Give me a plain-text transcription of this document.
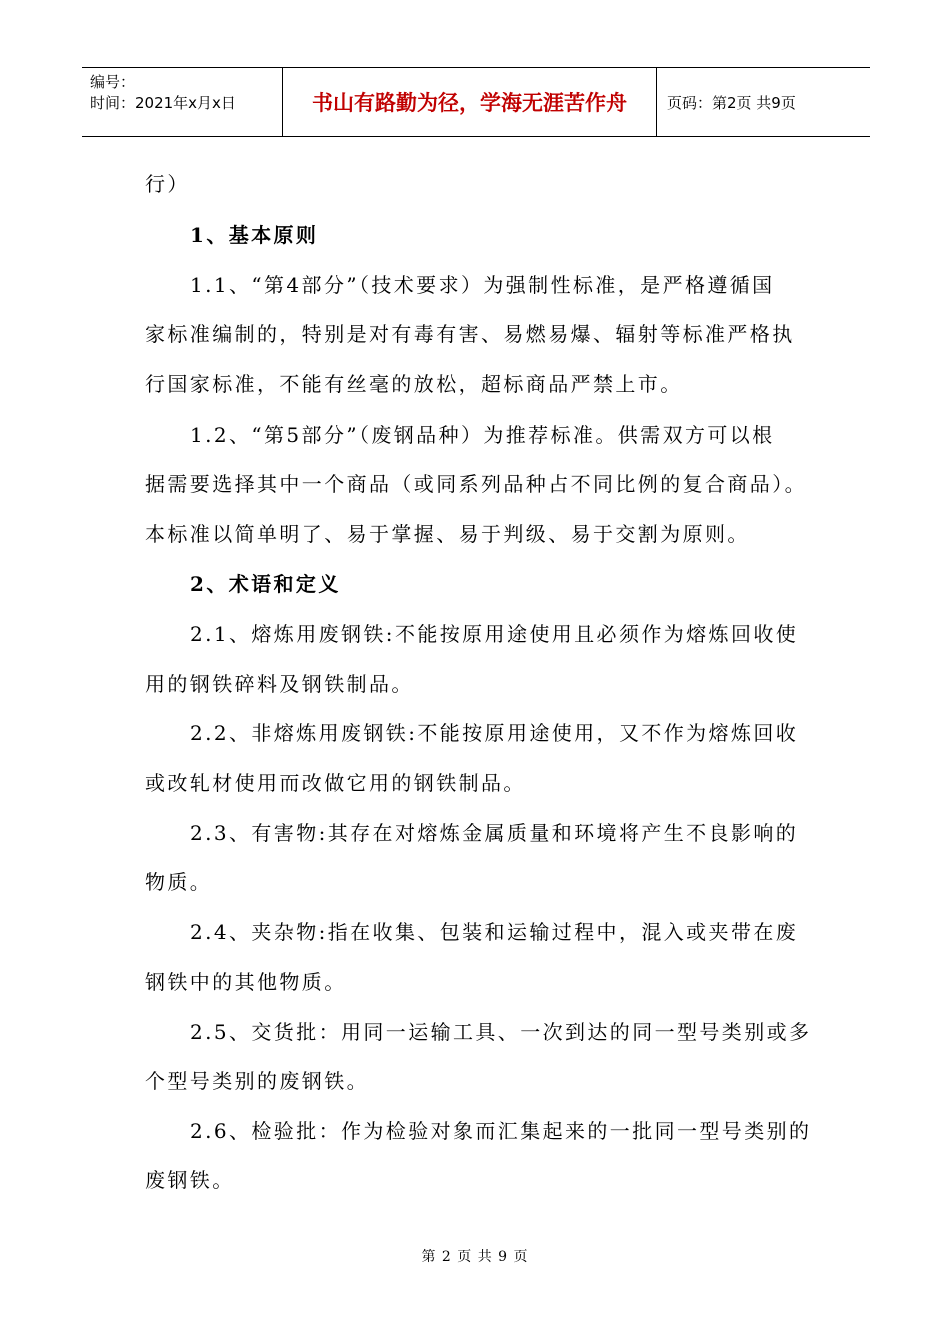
编号：
时间：2021年x月x日	书山有路勤为径，学海无涯苦作舟	页码：第2页 共9页
行）
1、基本原则
1.1、“第4部分”（技术要求）为强制性标准，是严格遵循国
家标准编制的，特别是对有毒有害、易燃易爆、辐射等标准严格执
行国家标准，不能有丝毫的放松，超标商品严禁上市。
1.2、“第5部分”（废钢品种）为推荐标准。供需双方可以根
据需要选择其中一个商品（或同系列品种占不同比例的复合商品）。
本标准以简单明了、易于掌握、易于判级、易于交割为原则。
2、术语和定义
2.1、熔炼用废钢铁:不能按原用途使用且必须作为熔炼回收使
用的钢铁碎料及钢铁制品。
2.2、非熔炼用废钢铁:不能按原用途使用，又不作为熔炼回收
或改轧材使用而改做它用的钢铁制品。
2.3、有害物:其存在对熔炼金属质量和环境将产生不良影响的
物质。
2.4、夹杂物:指在收集、包装和运输过程中，混入或夹带在废
钢铁中的其他物质。
2.5、交货批：用同一运输工具、一次到达的同一型号类别或多
个型号类别的废钢铁。
2.6、检验批：作为检验对象而汇集起来的一批同一型号类别的
废钢铁。
第 2 页 共 9 页
